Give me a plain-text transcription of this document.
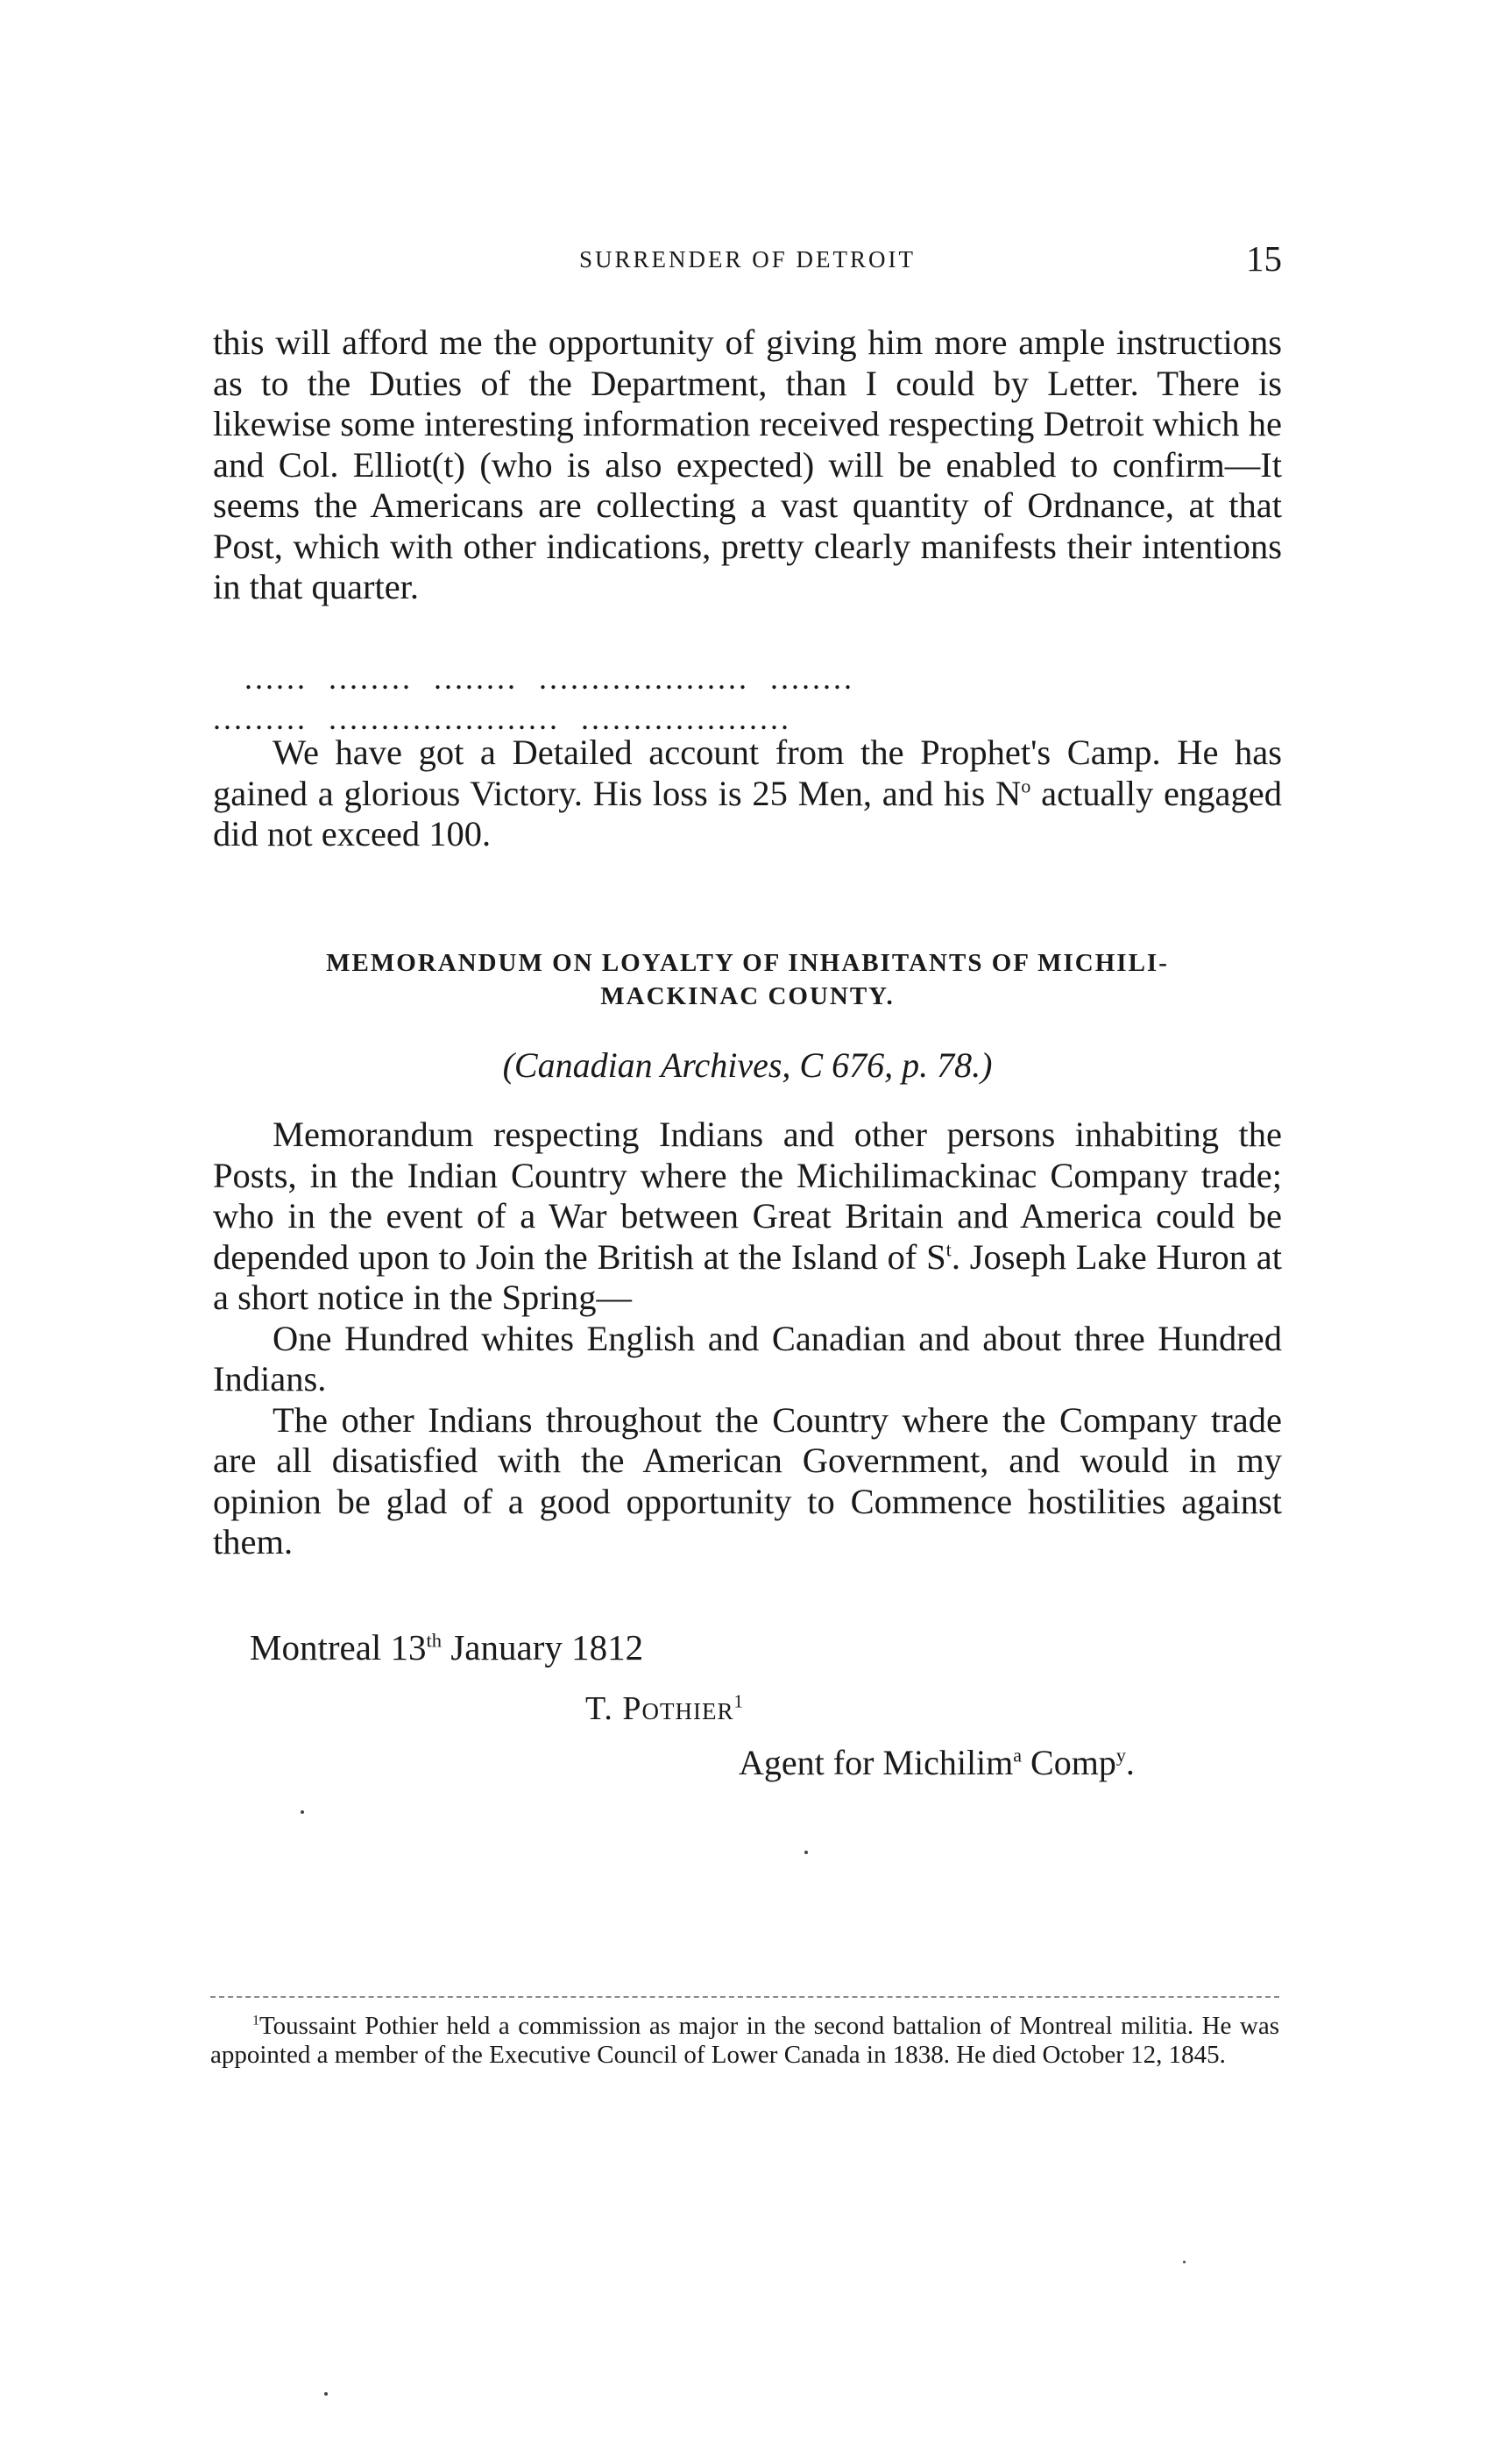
SURRENDER OF DETROIT	15

this will afford me the opportunity of giving him more ample instructions as to the Duties of the Department, than I could by Letter. There is likewise some interesting information received respecting Detroit which he and Col. Elliot(t) (who is also expected) will be enabled to confirm—It seems the Americans are collecting a vast quantity of Ordnance, at that Post, which with other indications, pretty clearly manifests their intentions in that quarter.

......  ........  ........  ....................  ........
.........  ......................  ....................

We have got a Detailed account from the Prophet's Camp. He has gained a glorious Victory. His loss is 25 Men, and his $N^o$ actually engaged did not exceed 100.

MEMORANDUM ON LOYALTY OF INHABITANTS OF MICHILI-
MACKINAC COUNTY.
(Canadian Archives, C 676, p. 78.)

Memorandum respecting Indians and other persons inhabiting the Posts, in the Indian Country where the Michilimackinac Company trade; who in the event of a War between Great Britain and America could be depended upon to Join the British at the Island of $S^t$. Joseph Lake Huron at a short notice in the Spring—

One Hundred whites English and Canadian and about three Hundred Indians.

The other Indians throughout the Country where the Company trade are all disatisfied with the American Government, and would in my opinion be glad of a good opportunity to Commence hostilities against them.

Montreal 13th January 1812
T. Pothier$^1$
Agent for Michilim$^a$ Comp$^y$.

$^1$Toussaint Pothier held a commission as major in the second battalion of Montreal militia. He was appointed a member of the Executive Council of Lower Canada in 1838. He died October 12, 1845.
